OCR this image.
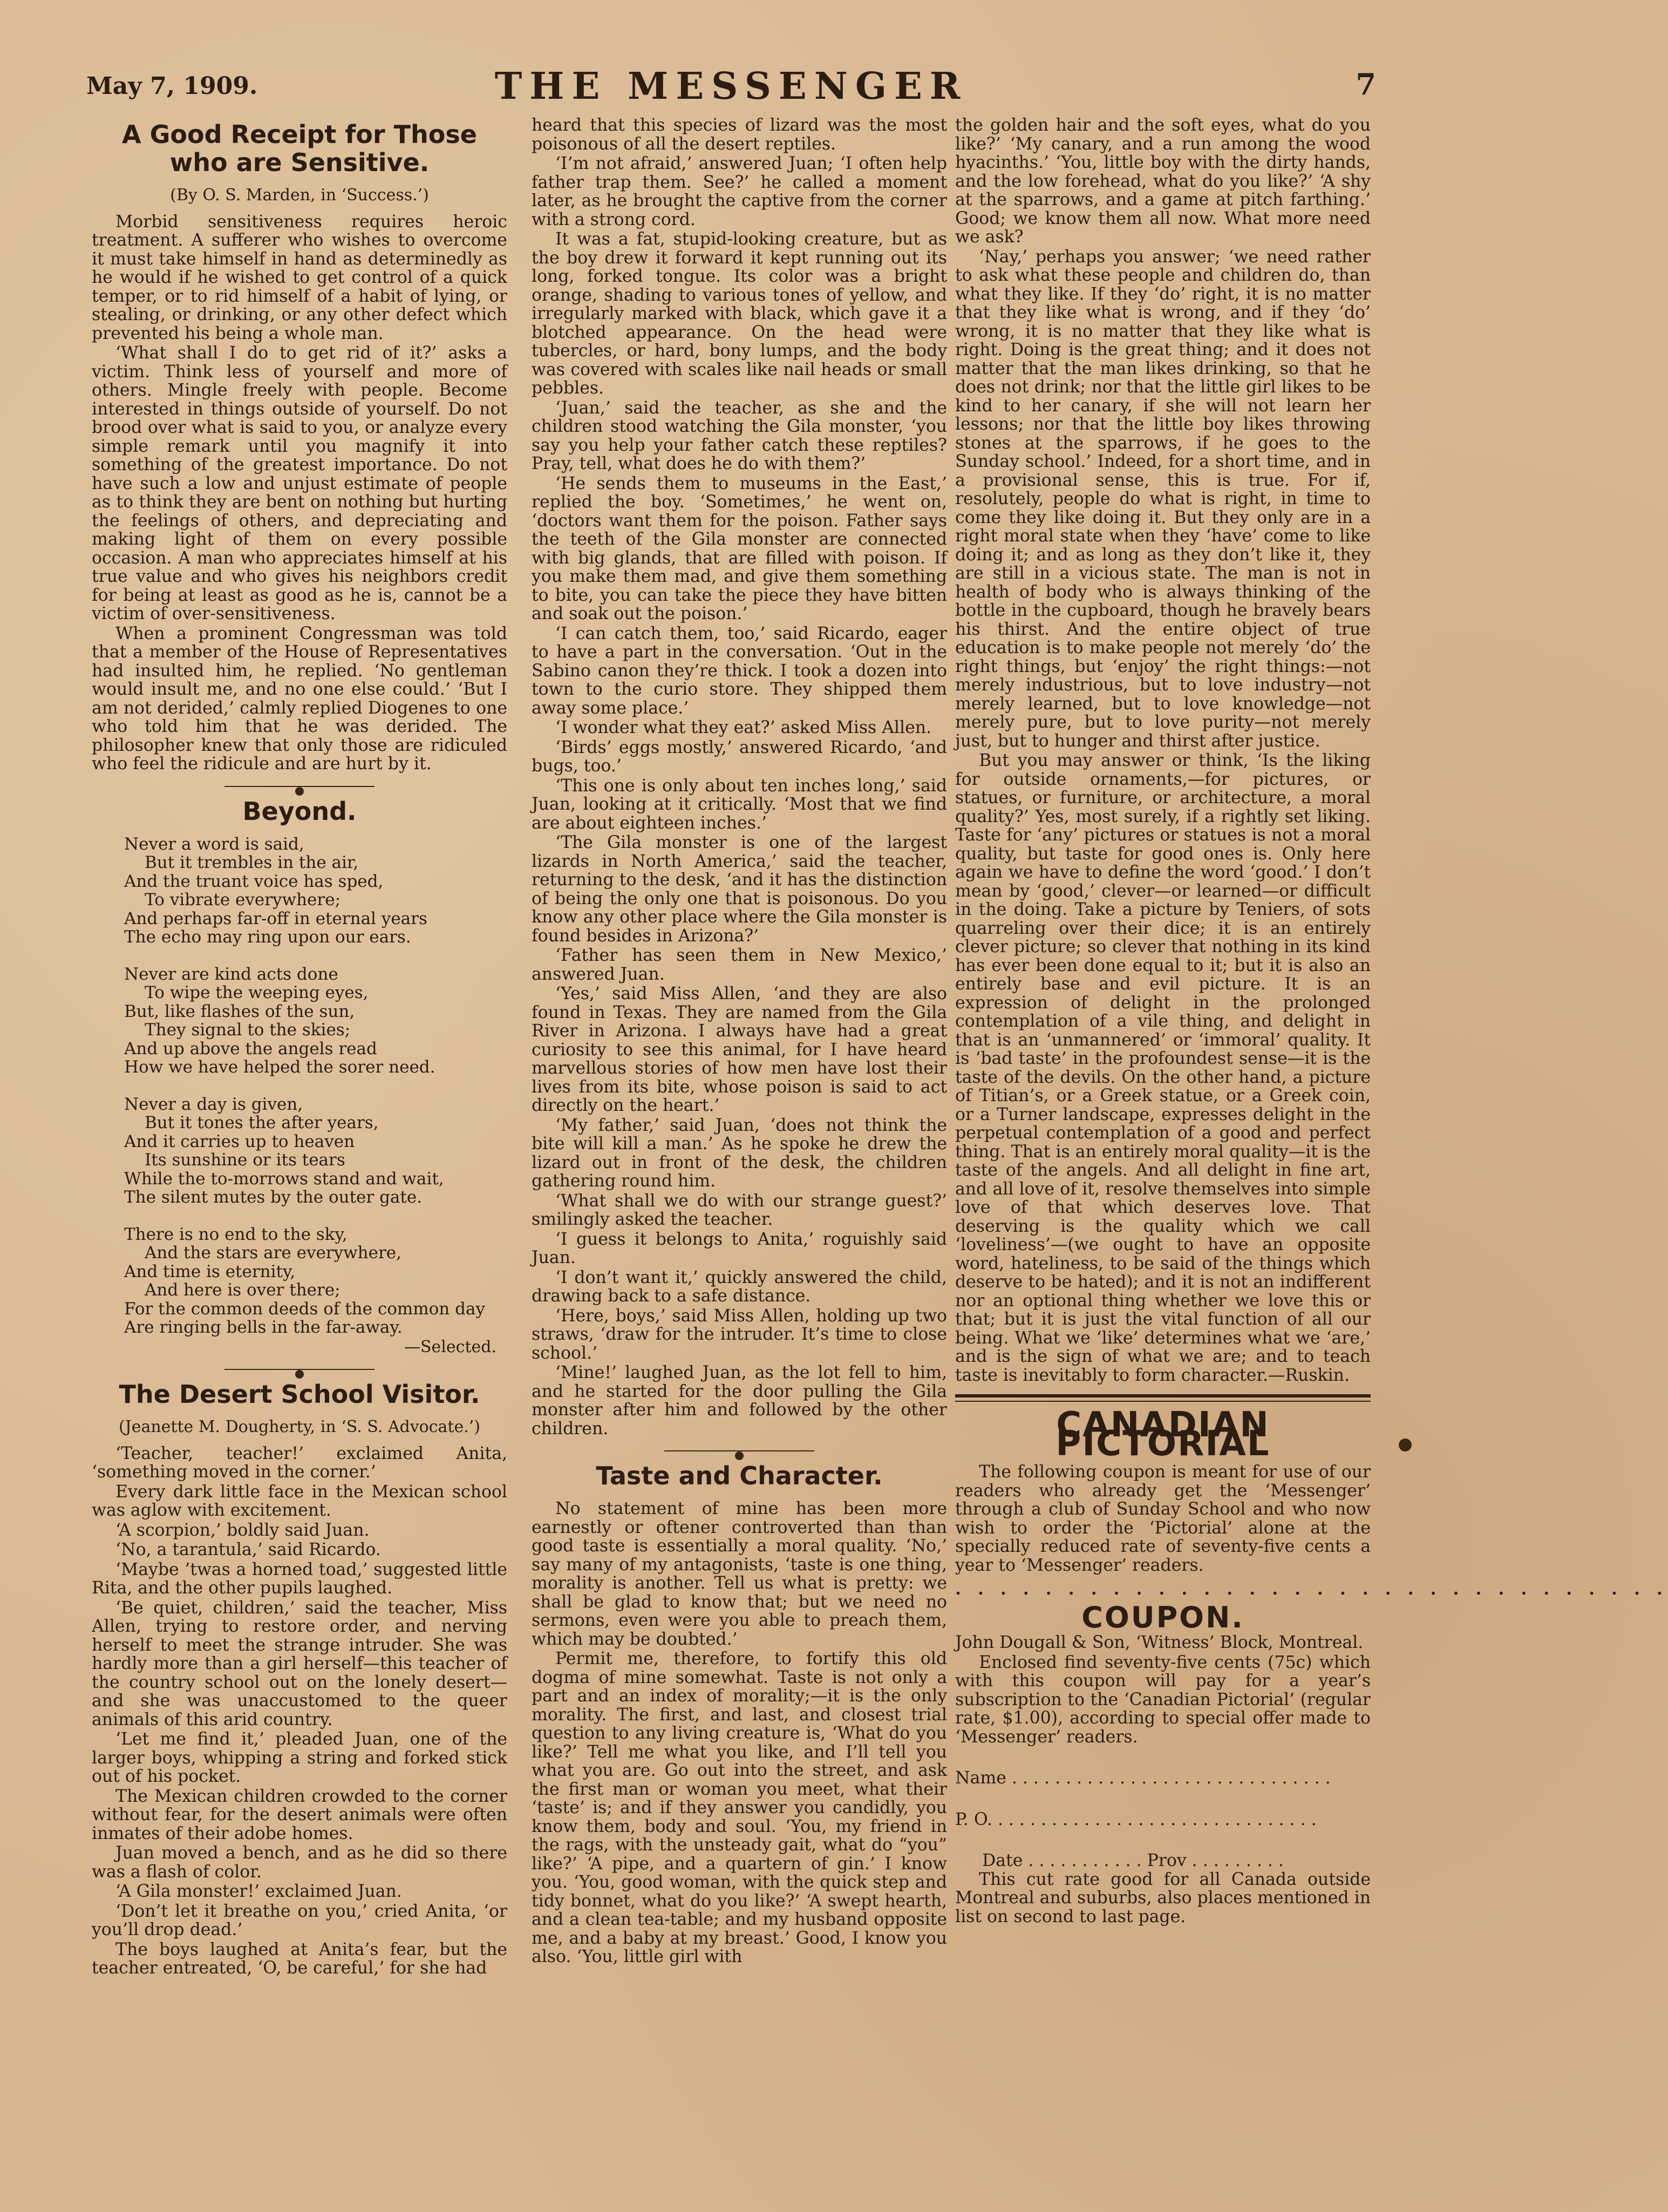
May 7, 1909.	THE MESSENGER	7
A Good Receipt for Those who are Sensitive.
(By O. S. Marden, in ‘Success.’)

Morbid sensitiveness requires heroic treatment. A sufferer who wishes to overcome it must take himself in hand as determinedly as he would if he wished to get control of a quick temper, or to rid himself of a habit of lying, or stealing, or drinking, or any other defect which prevented his being a whole man.

‘What shall I do to get rid of it?’ asks a victim. Think less of yourself and more of others. Mingle freely with people. Become interested in things outside of yourself. Do not brood over what is said to you, or analyze every simple remark until you magnify it into something of the greatest importance. Do not have such a low and unjust estimate of people as to think they are bent on nothing but hurting the feelings of others, and depreciating and making light of them on every possible occasion. A man who appreciates himself at his true value and who gives his neighbors credit for being at least as good as he is, cannot be a victim of over-sensitiveness.

When a prominent Congressman was told that a member of the House of Representatives had insulted him, he replied. ‘No gentleman would insult me, and no one else could.’ ‘But I am not derided,’ calmly replied Diogenes to one who told him that he was derided. The philosopher knew that only those are ridiculed who feel the ridicule and are hurt by it.

Beyond.
Never a word is said,
But it trembles in the air,
And the truant voice has sped,
To vibrate everywhere;
And perhaps far-off in eternal years
The echo may ring upon our ears.
Never are kind acts done
To wipe the weeping eyes,
But, like flashes of the sun,
They signal to the skies;
And up above the angels read
How we have helped the sorer need.
Never a day is given,
But it tones the after years,
And it carries up to heaven
Its sunshine or its tears
While the to-morrows stand and wait,
The silent mutes by the outer gate.
There is no end to the sky,
And the stars are everywhere,
And time is eternity,
And here is over there;
For the common deeds of the common day
Are ringing bells in the far-away.
—Selected.
The Desert School Visitor.
(Jeanette M. Dougherty, in ‘S. S. Advocate.’)

‘Teacher, teacher!’ exclaimed Anita, ‘something moved in the corner.’

Every dark little face in the Mexican school was aglow with excitement.

‘A scorpion,’ boldly said Juan.

‘No, a tarantula,’ said Ricardo.

‘Maybe ’twas a horned toad,’ suggested little Rita, and the other pupils laughed.

‘Be quiet, children,’ said the teacher, Miss Allen, trying to restore order, and nerving herself to meet the strange intruder. She was hardly more than a girl herself—this teacher of the country school out on the lonely desert—and she was unaccustomed to the queer animals of this arid country.

‘Let me find it,’ pleaded Juan, one of the larger boys, whipping a string and forked stick out of his pocket.

The Mexican children crowded to the corner without fear, for the desert animals were often inmates of their adobe homes.

Juan moved a bench, and as he did so there was a flash of color.

‘A Gila monster!’ exclaimed Juan.

‘Don’t let it breathe on you,’ cried Anita, ‘or you’ll drop dead.’

The boys laughed at Anita’s fear, but the teacher entreated, ‘O, be careful,’ for she had

heard that this species of lizard was the most poisonous of all the desert reptiles.

‘I’m not afraid,’ answered Juan; ‘I often help father trap them. See?’ he called a moment later, as he brought the captive from the corner with a strong cord.

It was a fat, stupid-looking creature, but as the boy drew it forward it kept running out its long, forked tongue. Its color was a bright orange, shading to various tones of yellow, and irregularly marked with black, which gave it a blotched appearance. On the head were tubercles, or hard, bony lumps, and the body was covered with scales like nail heads or small pebbles.

‘Juan,’ said the teacher, as she and the children stood watching the Gila monster, ‘you say you help your father catch these reptiles? Pray, tell, what does he do with them?’

‘He sends them to museums in the East,’ replied the boy. ‘Sometimes,’ he went on, ‘doctors want them for the poison. Father says the teeth of the Gila monster are connected with big glands, that are filled with poison. If you make them mad, and give them something to bite, you can take the piece they have bitten and soak out the poison.’

‘I can catch them, too,’ said Ricardo, eager to have a part in the conversation. ‘Out in the Sabino canon they’re thick. I took a dozen into town to the curio store. They shipped them away some place.’

‘I wonder what they eat?’ asked Miss Allen.

‘Birds’ eggs mostly,’ answered Ricardo, ‘and bugs, too.’

‘This one is only about ten inches long,’ said Juan, looking at it critically. ‘Most that we find are about eighteen inches.’

‘The Gila monster is one of the largest lizards in North America,’ said the teacher, returning to the desk, ‘and it has the distinction of being the only one that is poisonous. Do you know any other place where the Gila monster is found besides in Arizona?’

‘Father has seen them in New Mexico,’ answered Juan.

‘Yes,’ said Miss Allen, ‘and they are also found in Texas. They are named from the Gila River in Arizona. I always have had a great curiosity to see this animal, for I have heard marvellous stories of how men have lost their lives from its bite, whose poison is said to act directly on the heart.’

‘My father,’ said Juan, ‘does not think the bite will kill a man.’ As he spoke he drew the lizard out in front of the desk, the children gathering round him.

‘What shall we do with our strange guest?’ smilingly asked the teacher.

‘I guess it belongs to Anita,’ roguishly said Juan.

‘I don’t want it,’ quickly answered the child, drawing back to a safe distance.

‘Here, boys,’ said Miss Allen, holding up two straws, ‘draw for the intruder. It’s time to close school.’

‘Mine!’ laughed Juan, as the lot fell to him, and he started for the door pulling the Gila monster after him and followed by the other children.

Taste and Character.

No statement of mine has been more earnestly or oftener controverted than than good taste is essentially a moral quality. ‘No,’ say many of my antagonists, ‘taste is one thing, morality is another. Tell us what is pretty: we shall be glad to know that; but we need no sermons, even were you able to preach them, which may be doubted.’

Permit me, therefore, to fortify this old dogma of mine somewhat. Taste is not only a part and an index of morality;—it is the only morality. The first, and last, and closest trial question to any living creature is, ‘What do you like?’ Tell me what you like, and I’ll tell you what you are. Go out into the street, and ask the first man or woman you meet, what their ‘taste’ is; and if they answer you candidly, you know them, body and soul. ‘You, my friend in the rags, with the unsteady gait, what do “you” like?’ ‘A pipe, and a quartern of gin.’ I know you. ‘You, good woman, with the quick step and tidy bonnet, what do you like?’ ‘A swept hearth, and a clean tea-table; and my husband opposite me, and a baby at my breast.’ Good, I know you also. ‘You, little girl with

the golden hair and the soft eyes, what do you like?’ ‘My canary, and a run among the wood hyacinths.’ ‘You, little boy with the dirty hands, and the low forehead, what do you like?’ ‘A shy at the sparrows, and a game at pitch farthing.’ Good; we know them all now. What more need we ask?

‘Nay,’ perhaps you answer; ‘we need rather to ask what these people and children do, than what they like. If they ‘do’ right, it is no matter that they like what is wrong, and if they ‘do’ wrong, it is no matter that they like what is right. Doing is the great thing; and it does not matter that the man likes drinking, so that he does not drink; nor that the little girl likes to be kind to her canary, if she will not learn her lessons; nor that the little boy likes throwing stones at the sparrows, if he goes to the Sunday school.’ Indeed, for a short time, and in a provisional sense, this is true. For if, resolutely, people do what is right, in time to come they like doing it. But they only are in a right moral state when they ‘have’ come to like doing it; and as long as they don’t like it, they are still in a vicious state. The man is not in health of body who is always thinking of the bottle in the cupboard, though he bravely bears his thirst. And the entire object of true education is to make people not merely ‘do’ the right things, but ‘enjoy’ the right things:—not merely industrious, but to love industry—not merely learned, but to love knowledge—not merely pure, but to love purity—not merely just, but to hunger and thirst after justice.

But you may answer or think, ‘Is the liking for outside ornaments,—for pictures, or statues, or furniture, or architecture, a moral quality?’ Yes, most surely, if a rightly set liking. Taste for ‘any’ pictures or statues is not a moral quality, but taste for good ones is. Only here again we have to define the word ‘good.’ I don’t mean by ‘good,’ clever—or learned—or difficult in the doing. Take a picture by Teniers, of sots quarreling over their dice; it is an entirely clever picture; so clever that nothing in its kind has ever been done equal to it; but it is also an entirely base and evil picture. It is an expression of delight in the prolonged contemplation of a vile thing, and delight in that is an ‘unmannered’ or ‘immoral’ quality. It is ‘bad taste’ in the profoundest sense—it is the taste of the devils. On the other hand, a picture of Titian’s, or a Greek statue, or a Greek coin, or a Turner landscape, expresses delight in the perpetual contemplation of a good and perfect thing. That is an entirely moral quality—it is the taste of the angels. And all delight in fine art, and all love of it, resolve themselves into simple love of that which deserves love. That deserving is the quality which we call ‘loveliness’—(we ought to have an opposite word, hateliness, to be said of the things which deserve to be hated); and it is not an indifferent nor an optional thing whether we love this or that; but it is just the vital function of all our being. What we ‘like’ determines what we ‘are,’ and is the sign of what we are; and to teach taste is inevitably to form character.—Ruskin.

CANADIAN PICTORIAL

The following coupon is meant for use of our readers who already get the ‘Messenger’ through a club of Sunday School and who now wish to order the ‘Pictorial’ alone at the specially reduced rate of seventy-five cents a year to ‘Messenger’ readers.

. . . . . . . . . . . . . . . . . . . . . . . . . . . . . . . .
COUPON.

John Dougall & Son, ‘Witness’ Block, Montreal.

Enclosed find seventy-five cents (75c) which with this coupon will pay for a year’s subscription to the ‘Canadian Pictorial’ (regular rate, $1.00), according to special offer made to ‘Messenger’ readers.

Name . . . . . . . . . . . . . . . . . . . . . . . . . . . . . .
P. O. . . . . . . . . . . . . . . . . . . . . . . . . . . . . . .
Date . . . . . . . . . . . Prov . . . . . . . . .

This cut rate good for all Canada outside Montreal and suburbs, also places mentioned in list on second to last page.
